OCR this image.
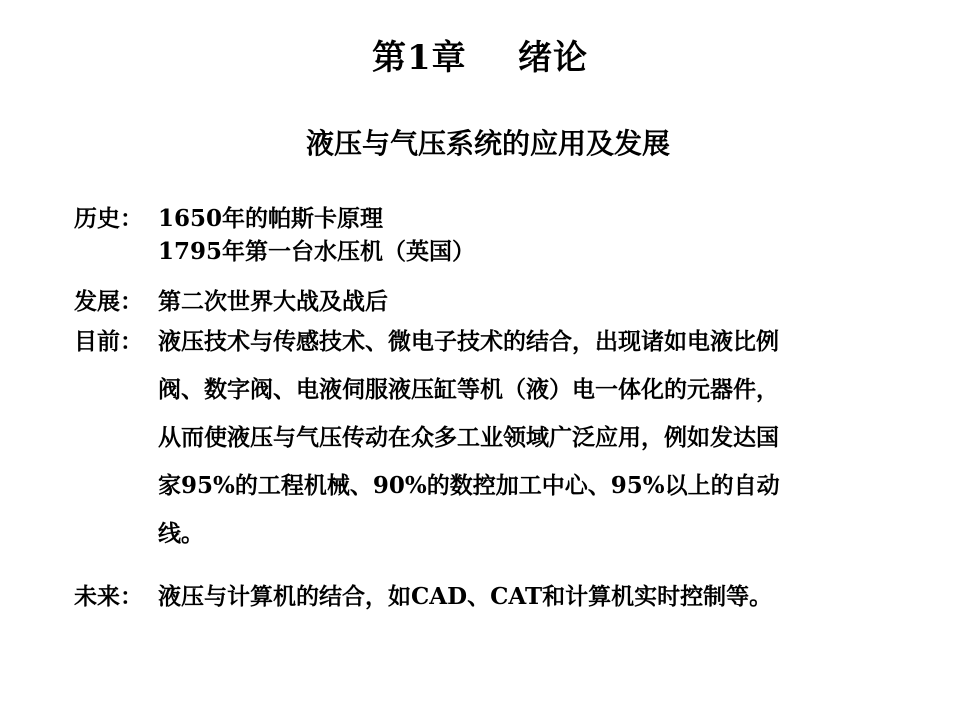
第1章    绪论
液压与气压系统的应用及发展
历史： 1650年的帕斯卡原理
1795年第一台水压机（英国）
发展： 第二次世界大战及战后
目前： 液压技术与传感技术、微电子技术的结合，出现诸如电液比例
阀、数字阀、电液伺服液压缸等机（液）电一体化的元器件，
从而使液压与气压传动在众多工业领域广泛应用，例如发达国
家95%的工程机械、90%的数控加工中心、95%以上的自动
线。
未来： 液压与计算机的结合，如CAD、CAT和计算机实时控制等。
